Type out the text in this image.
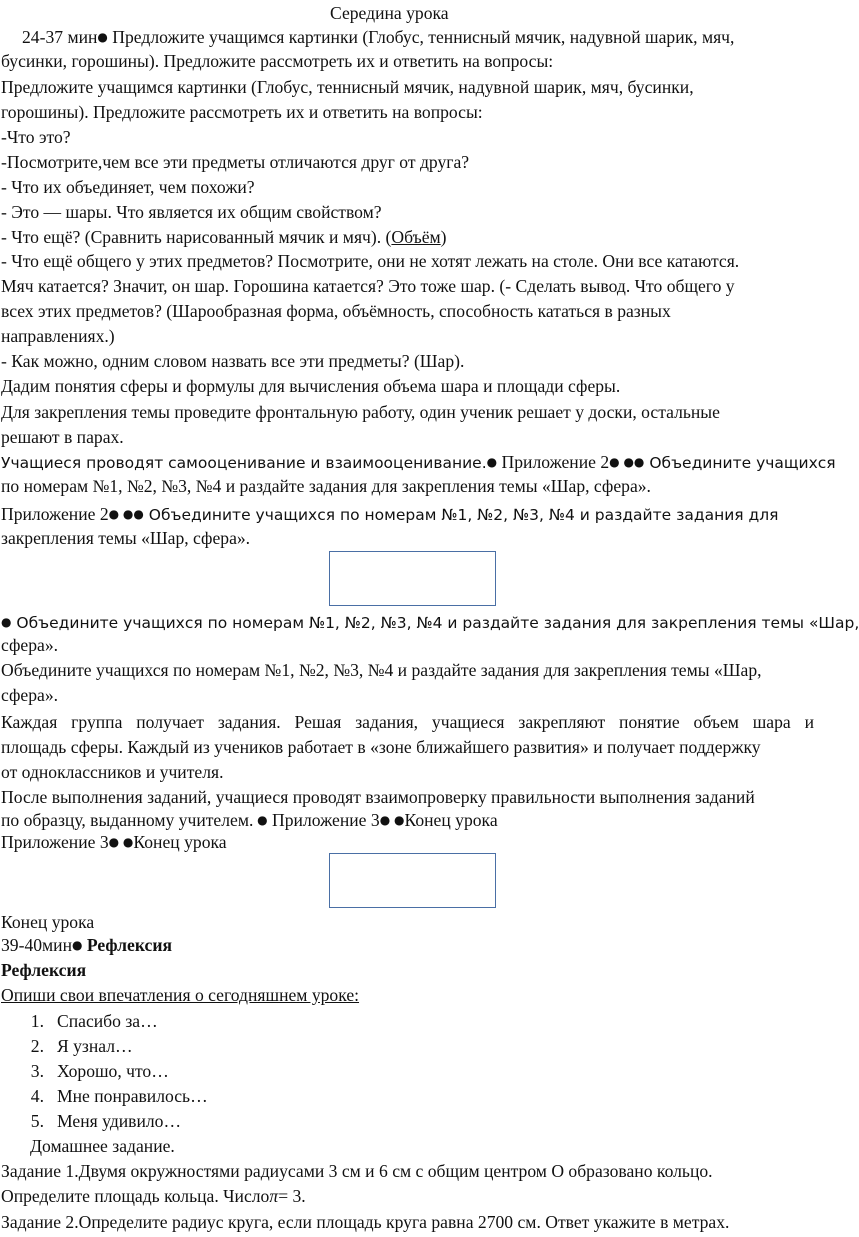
Середина урока
24-37 мин● Предложите учащимся картинки (Глобус, теннисный мячик, надувной шарик, мяч,
бусинки, горошины). Предложите рассмотреть их и ответить на вопросы:
Предложите учащимся картинки (Глобус, теннисный мячик, надувной шарик, мяч, бусинки,
горошины). Предложите рассмотреть их и ответить на вопросы:
-Что это?
-Посмотрите,чем все эти предметы отличаются друг от друга?
- Что их объединяет, чем похожи?
- Это — шары. Что является их общим свойством?
- Что ещё? (Сравнить нарисованный мячик и мяч). (Объём)
- Что ещё общего у этих предметов? Посмотрите, они не хотят лежать на столе. Они все катаются.
Мяч катается? Значит, он шар. Горошина катается? Это тоже шар. (- Сделать вывод. Что общего у
всех этих предметов? (Шарообразная форма, объёмность, способность кататься в разных
направлениях.)
- Как можно, одним словом назвать все эти предметы? (Шар).
Дадим понятия сферы и формулы для вычисления объема шара и площади сферы.
Для закрепления темы проведите фронтальную работу, один ученик решает у доски, остальные
решают в парах.
Учащиеся проводят самооценивание и взаимооценивание.● Приложение 2● ●● Объедините учащихся
по номерам №1, №2, №3, №4 и раздайте задания для закрепления темы «Шар, сфера».
Приложение 2● ●● Объедините учащихся по номерам №1, №2, №3, №4 и раздайте задания для
закрепления темы «Шар, сфера».
● Объедините учащихся по номерам №1, №2, №3, №4 и раздайте задания для закрепления темы «Шар,
сфера».
Объедините учащихся по номерам №1, №2, №3, №4 и раздайте задания для закрепления темы «Шар,
сфера».
Каждая группа получает задания. Решая задания, учащиеся закрепляют понятие объем шара и
площадь сферы. Каждый из учеников работает в «зоне ближайшего развития» и получает поддержку
от одноклассников и учителя.
После выполнения заданий, учащиеся проводят взаимопроверку правильности выполнения заданий
по образцу, выданному учителем. ● Приложение 3● ●Конец урока
Приложение 3● ●Конец урока
Конец урока
39-40мин● Рефлексия
Рефлексия
Опиши свои впечатления о сегодняшнем уроке:
1. Спасибо за…
2. Я узнал…
3. Хорошо, что…
4. Мне понравилось…
5. Меня удивило…
Домашнее задание.
Задание 1.Двумя окружностями радиусами 3 см и 6 см с общим центром О образовано кольцо.
Определите площадь кольца. Числоπ= 3.
Задание 2.Определите радиус круга, если площадь круга равна 2700 см. Ответ укажите в метрах.
